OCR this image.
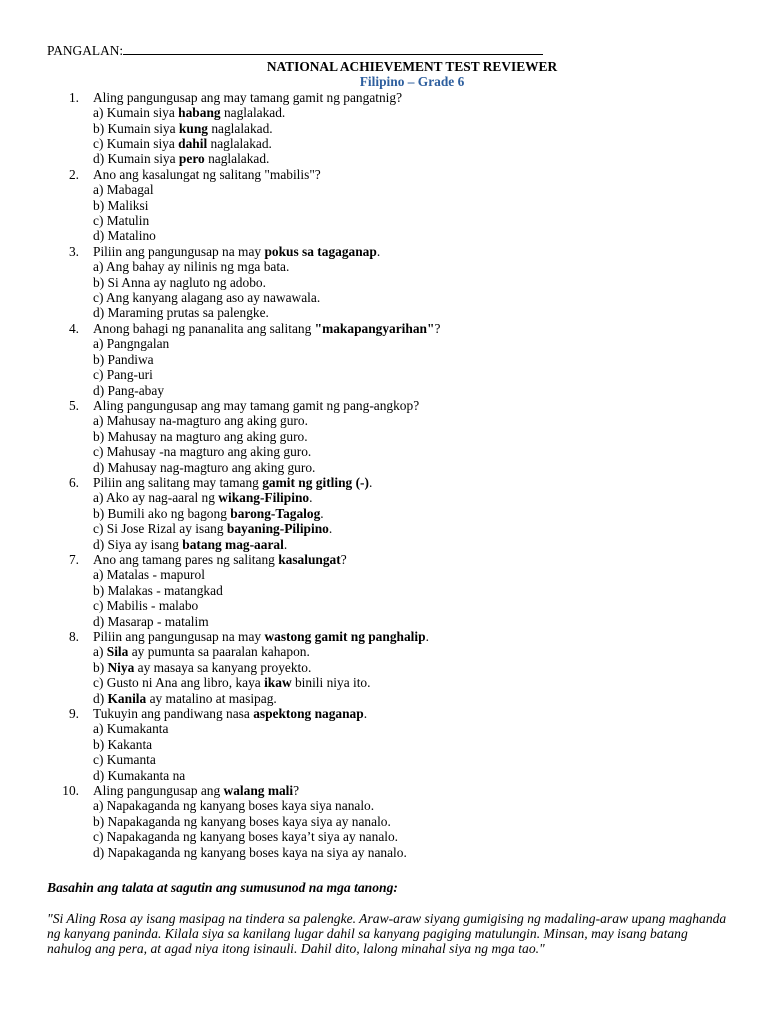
PANGALAN:
NATIONAL ACHIEVEMENT TEST REVIEWER
Filipino – Grade 6
1. Aling pangungusap ang may tamang gamit ng pangatnig?
a) Kumain siya habang naglalakad.
b) Kumain siya kung naglalakad.
c) Kumain siya dahil naglalakad.
d) Kumain siya pero naglalakad.
2. Ano ang kasalungat ng salitang "mabilis"?
a) Mabagal
b) Maliksi
c) Matulin
d) Matalino
3. Piliin ang pangungusap na may pokus sa tagaganap.
a) Ang bahay ay nilinis ng mga bata.
b) Si Anna ay nagluto ng adobo.
c) Ang kanyang alagang aso ay nawawala.
d) Maraming prutas sa palengke.
4. Anong bahagi ng pananalita ang salitang "makapangyarihan"?
a) Pangngalan
b) Pandiwa
c) Pang-uri
d) Pang-abay
5. Aling pangungusap ang may tamang gamit ng pang-angkop?
a) Mahusay na-magturo ang aking guro.
b) Mahusay na magturo ang aking guro.
c) Mahusay -na magturo ang aking guro.
d) Mahusay nag-magturo ang aking guro.
6. Piliin ang salitang may tamang gamit ng gitling (-).
a) Ako ay nag-aaral ng wikang-Filipino.
b) Bumili ako ng bagong barong-Tagalog.
c) Si Jose Rizal ay isang bayaning-Pilipino.
d) Siya ay isang batang mag-aaral.
7. Ano ang tamang pares ng salitang kasalungat?
a) Matalas - mapurol
b) Malakas - matangkad
c) Mabilis - malabo
d) Masarap - matalim
8. Piliin ang pangungusap na may wastong gamit ng panghalip.
a) Sila ay pumunta sa paaralan kahapon.
b) Niya ay masaya sa kanyang proyekto.
c) Gusto ni Ana ang libro, kaya ikaw binili niya ito.
d) Kanila ay matalino at masipag.
9. Tukuyin ang pandiwang nasa aspektong naganap.
a) Kumakanta
b) Kakanta
c) Kumanta
d) Kumakanta na
10. Aling pangungusap ang walang mali?
a) Napakaganda ng kanyang boses kaya siya nanalo.
b) Napakaganda ng kanyang boses kaya siya ay nanalo.
c) Napakaganda ng kanyang boses kaya’t siya ay nanalo.
d) Napakaganda ng kanyang boses kaya na siya ay nanalo.
Basahin ang talata at sagutin ang sumusunod na mga tanong:
"Si Aling Rosa ay isang masipag na tindera sa palengke. Araw-araw siyang gumigising ng madaling-araw upang maghanda ng kanyang paninda. Kilala siya sa kanilang lugar dahil sa kanyang pagiging matulungin. Minsan, may isang batang nahulog ang pera, at agad niya itong isinauli. Dahil dito, lalong minahal siya ng mga tao."
